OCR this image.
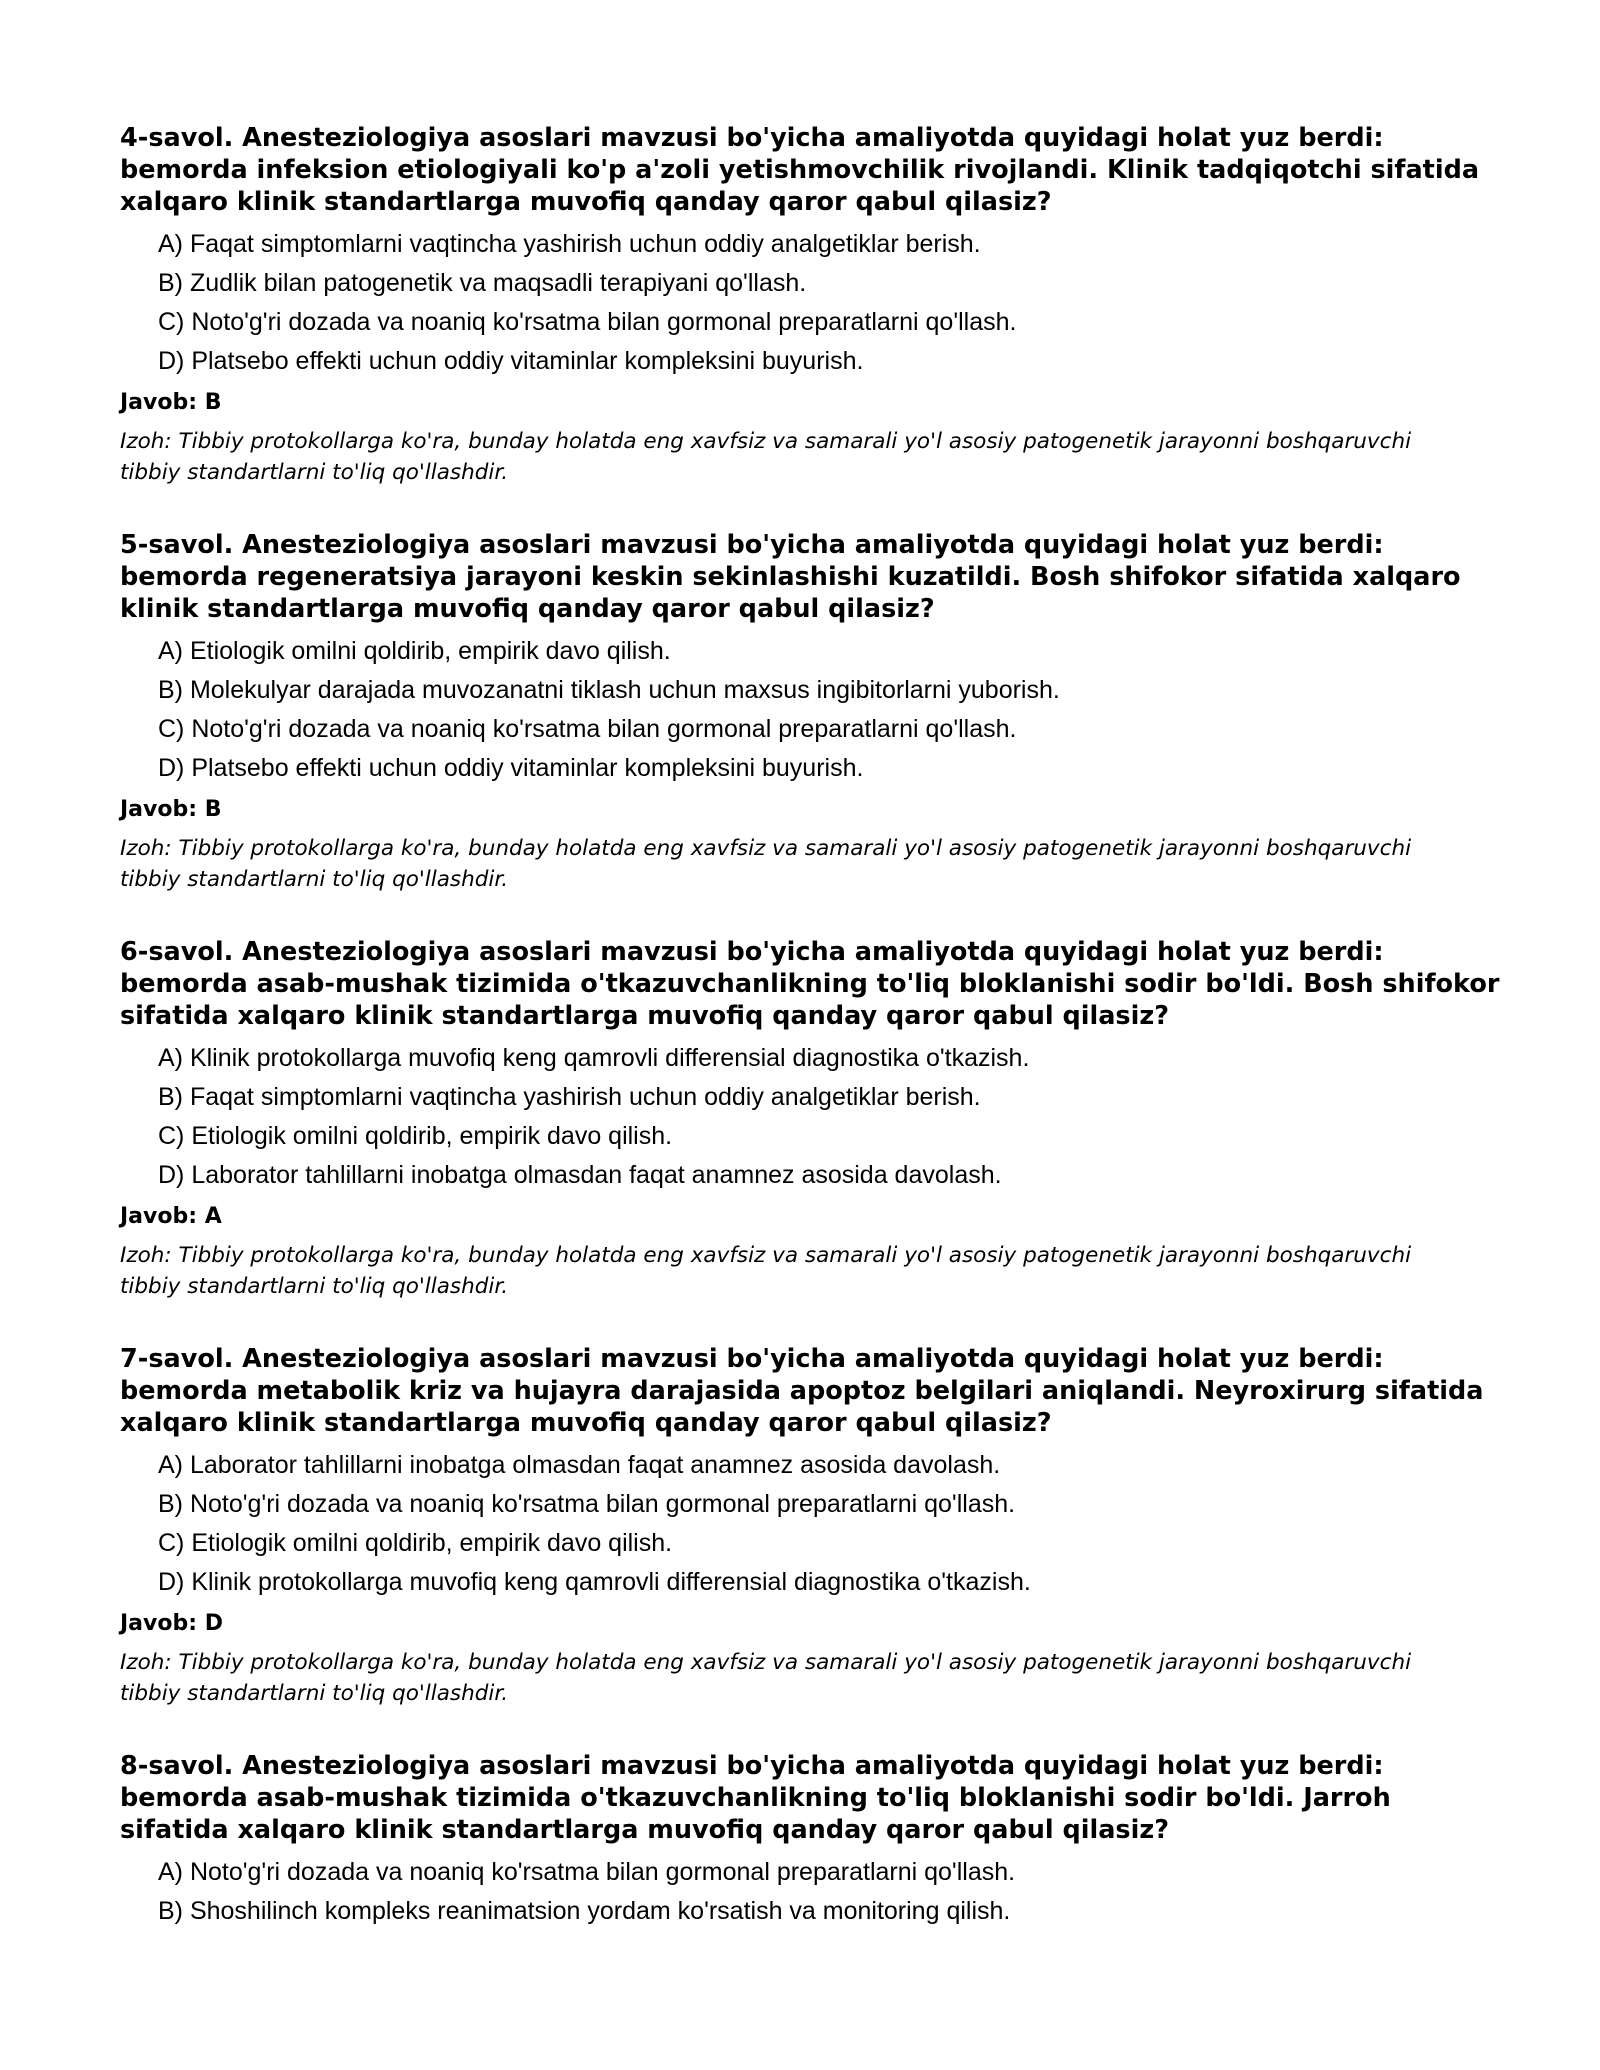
4-savol. Anesteziologiya asoslari mavzusi bo'yicha amaliyotda quyidagi holat yuz berdi: bemorda infeksion etiologiyali ko'p a'zoli yetishmovchilik rivojlandi. Klinik tadqiqotchi sifatida xalqaro klinik standartlarga muvofiq qanday qaror qabul qilasiz?

A) Faqat simptomlarni vaqtincha yashirish uchun oddiy analgetiklar berish.
B) Zudlik bilan patogenetik va maqsadli terapiyani qo'llash.
C) Noto'g'ri dozada va noaniq ko'rsatma bilan gormonal preparatlarni qo'llash.
D) Platsebo effekti uchun oddiy vitaminlar kompleksini buyurish.

Javob: B

Izoh: Tibbiy protokollarga ko'ra, bunday holatda eng xavfsiz va samarali yo'l asosiy patogenetik jarayonni boshqaruvchi tibbiy standartlarni to'liq qo'llashdir.

5-savol. Anesteziologiya asoslari mavzusi bo'yicha amaliyotda quyidagi holat yuz berdi: bemorda regeneratsiya jarayoni keskin sekinlashishi kuzatildi. Bosh shifokor sifatida xalqaro klinik standartlarga muvofiq qanday qaror qabul qilasiz?

A) Etiologik omilni qoldirib, empirik davo qilish.
B) Molekulyar darajada muvozanatni tiklash uchun maxsus ingibitorlarni yuborish.
C) Noto'g'ri dozada va noaniq ko'rsatma bilan gormonal preparatlarni qo'llash.
D) Platsebo effekti uchun oddiy vitaminlar kompleksini buyurish.

Javob: B

Izoh: Tibbiy protokollarga ko'ra, bunday holatda eng xavfsiz va samarali yo'l asosiy patogenetik jarayonni boshqaruvchi tibbiy standartlarni to'liq qo'llashdir.

6-savol. Anesteziologiya asoslari mavzusi bo'yicha amaliyotda quyidagi holat yuz berdi: bemorda asab-mushak tizimida o'tkazuvchanlikning to'liq bloklanishi sodir bo'ldi. Bosh shifokor sifatida xalqaro klinik standartlarga muvofiq qanday qaror qabul qilasiz?

A) Klinik protokollarga muvofiq keng qamrovli differensial diagnostika o'tkazish.
B) Faqat simptomlarni vaqtincha yashirish uchun oddiy analgetiklar berish.
C) Etiologik omilni qoldirib, empirik davo qilish.
D) Laborator tahlillarni inobatga olmasdan faqat anamnez asosida davolash.

Javob: A

Izoh: Tibbiy protokollarga ko'ra, bunday holatda eng xavfsiz va samarali yo'l asosiy patogenetik jarayonni boshqaruvchi tibbiy standartlarni to'liq qo'llashdir.

7-savol. Anesteziologiya asoslari mavzusi bo'yicha amaliyotda quyidagi holat yuz berdi: bemorda metabolik kriz va hujayra darajasida apoptoz belgilari aniqlandi. Neyroxirurg sifatida xalqaro klinik standartlarga muvofiq qanday qaror qabul qilasiz?

A) Laborator tahlillarni inobatga olmasdan faqat anamnez asosida davolash.
B) Noto'g'ri dozada va noaniq ko'rsatma bilan gormonal preparatlarni qo'llash.
C) Etiologik omilni qoldirib, empirik davo qilish.
D) Klinik protokollarga muvofiq keng qamrovli differensial diagnostika o'tkazish.

Javob: D

Izoh: Tibbiy protokollarga ko'ra, bunday holatda eng xavfsiz va samarali yo'l asosiy patogenetik jarayonni boshqaruvchi tibbiy standartlarni to'liq qo'llashdir.

8-savol. Anesteziologiya asoslari mavzusi bo'yicha amaliyotda quyidagi holat yuz berdi: bemorda asab-mushak tizimida o'tkazuvchanlikning to'liq bloklanishi sodir bo'ldi. Jarroh sifatida xalqaro klinik standartlarga muvofiq qanday qaror qabul qilasiz?

A) Noto'g'ri dozada va noaniq ko'rsatma bilan gormonal preparatlarni qo'llash.
B) Shoshilinch kompleks reanimatsion yordam ko'rsatish va monitoring qilish.
